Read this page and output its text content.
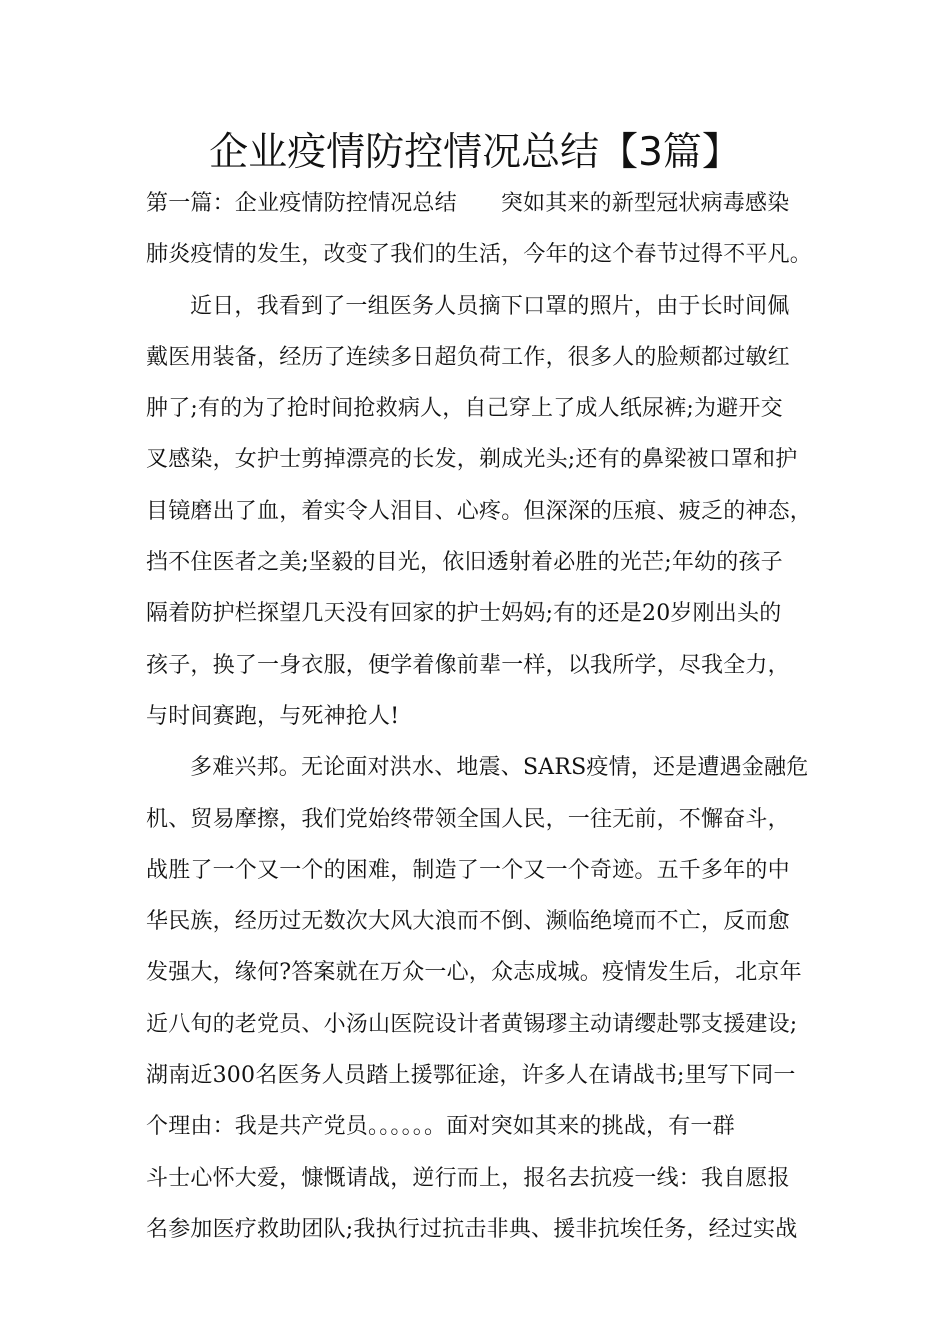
企业疫情防控情况总结【3篇】
第一篇：企业疫情防控情况总结 突如其来的新型冠状病毒感染
肺炎疫情的发生，改变了我们的生活，今年的这个春节过得不平凡。
近日，我看到了一组医务人员摘下口罩的照片，由于长时间佩
戴医用装备，经历了连续多日超负荷工作，很多人的脸颊都过敏红
肿了;有的为了抢时间抢救病人，自己穿上了成人纸尿裤;为避开交
叉感染，女护士剪掉漂亮的长发，剃成光头;还有的鼻梁被口罩和护
目镜磨出了血，着实令人泪目、心疼。但深深的压痕、疲乏的神态，
挡不住医者之美;坚毅的目光，依旧透射着必胜的光芒;年幼的孩子
隔着防护栏探望几天没有回家的护士妈妈;有的还是20岁刚出头的
孩子，换了一身衣服，便学着像前辈一样，以我所学，尽我全力，
与时间赛跑，与死神抢人!
多难兴邦。无论面对洪水、地震、SARS疫情，还是遭遇金融危
机、贸易摩擦，我们党始终带领全国人民，一往无前，不懈奋斗，
战胜了一个又一个的困难，制造了一个又一个奇迹。五千多年的中
华民族，经历过无数次大风大浪而不倒、濒临绝境而不亡，反而愈
发强大，缘何?答案就在万众一心，众志成城。疫情发生后，北京年
近八旬的老党员、小汤山医院设计者黄锡璆主动请缨赴鄂支援建设;
湖南近300名医务人员踏上援鄂征途，许多人在请战书;里写下同一
个理由：我是共产党员。。。。。。面对突如其来的挑战，有一群
斗士心怀大爱，慷慨请战，逆行而上，报名去抗疫一线：我自愿报
名参加医疗救助团队;我执行过抗击非典、援非抗埃任务，经过实战
